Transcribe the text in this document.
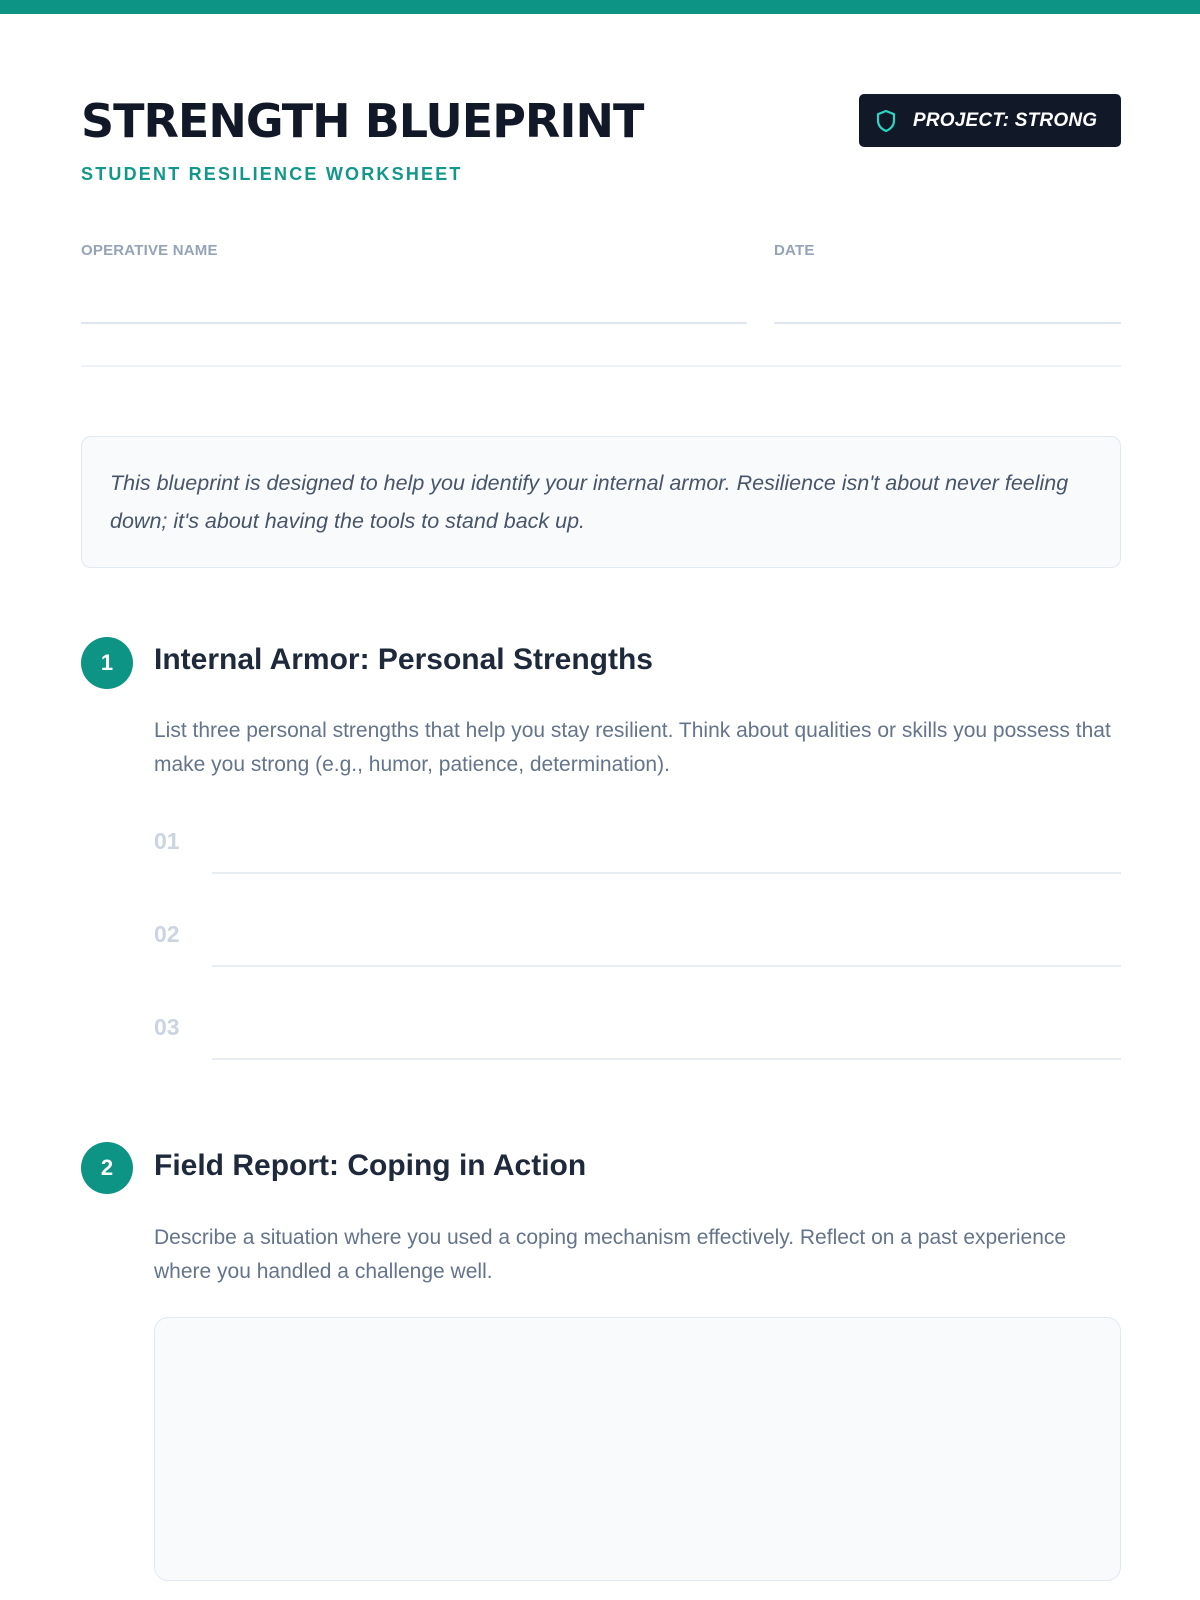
STRENGTH BLUEPRINT
STUDENT RESILIENCE WORKSHEET
PROJECT: STRONG
OPERATIVE NAME	DATE

This blueprint is designed to help you identify your internal armor. Resilience isn't about never feeling down; it's about having the tools to stand back up.

1	Internal Armor: Personal Strengths

List three personal strengths that help you stay resilient. Think about qualities or skills you possess that make you strong (e.g., humor, patience, determination).

01
02
03
2	Field Report: Coping in Action

Describe a situation where you used a coping mechanism effectively. Reflect on a past experience where you handled a challenge well.
